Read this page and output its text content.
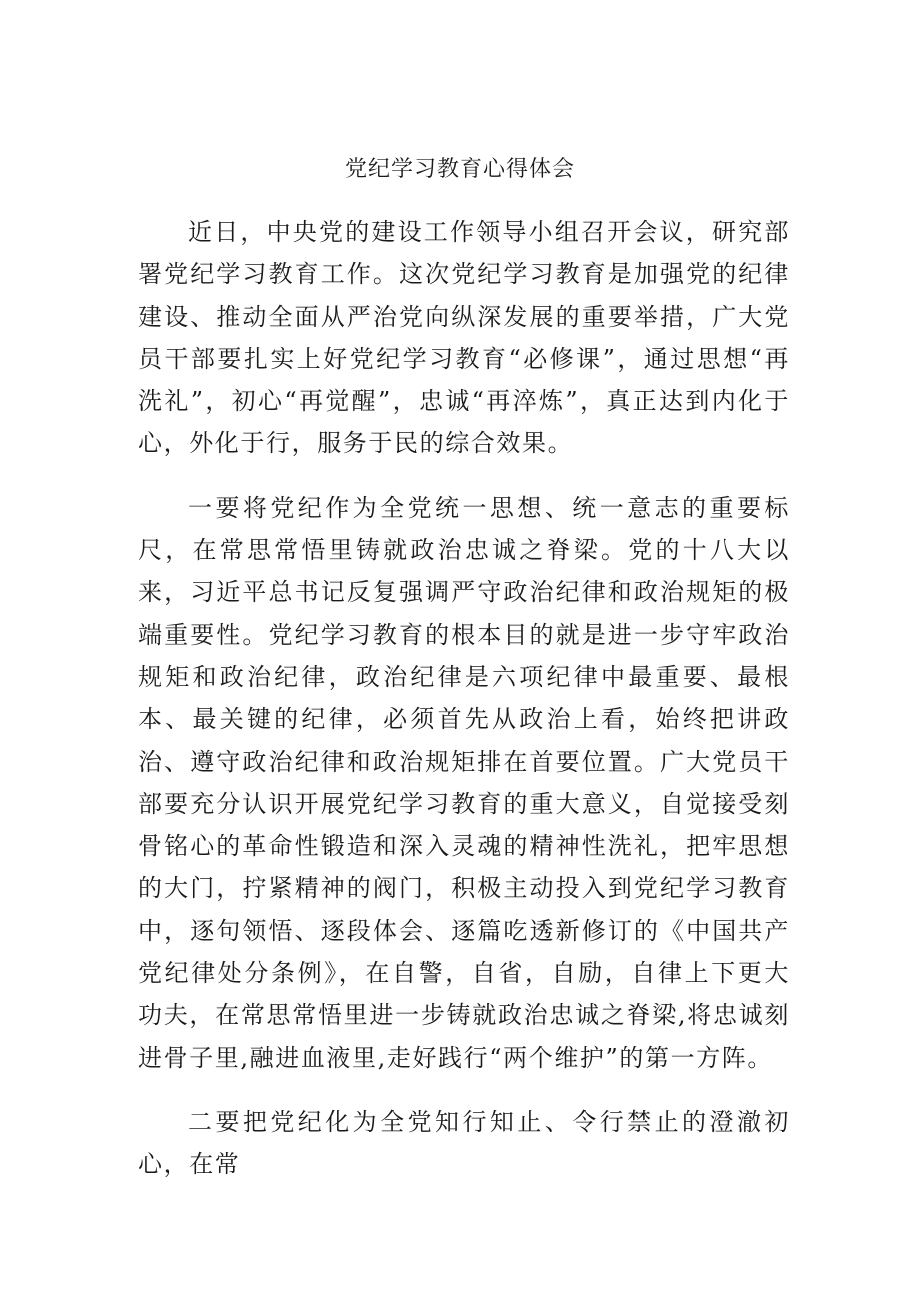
党纪学习教育心得体会

近日，中央党的建设工作领导小组召开会议，研究部署党纪学习教育工作。这次党纪学习教育是加强党的纪律建设、推动全面从严治党向纵深发展的重要举措，广大党员干部要扎实上好党纪学习教育“必修课”，通过思想“再洗礼”，初心“再觉醒”，忠诚“再淬炼”，真正达到内化于心，外化于行，服务于民的综合效果。

一要将党纪作为全党统一思想、统一意志的重要标尺，在常思常悟里铸就政治忠诚之脊梁。党的十八大以来，习近平总书记反复强调严守政治纪律和政治规矩的极端重要性。党纪学习教育的根本目的就是进一步守牢政治规矩和政治纪律，政治纪律是六项纪律中最重要、最根本、最关键的纪律，必须首先从政治上看，始终把讲政治、遵守政治纪律和政治规矩排在首要位置。广大党员干部要充分认识开展党纪学习教育的重大意义，自觉接受刻骨铭心的革命性锻造和深入灵魂的精神性洗礼，把牢思想的大门，拧紧精神的阀门，积极主动投入到党纪学习教育中，逐句领悟、逐段体会、逐篇吃透新修订的《中国共产党纪律处分条例》，在自警，自省，自励，自律上下更大功夫，在常思常悟里进一步铸就政治忠诚之脊梁,将忠诚刻进骨子里,融进血液里,走好践行“两个维护”的第一方阵。

二要把党纪化为全党知行知止、令行禁止的澄澈初心，在常
